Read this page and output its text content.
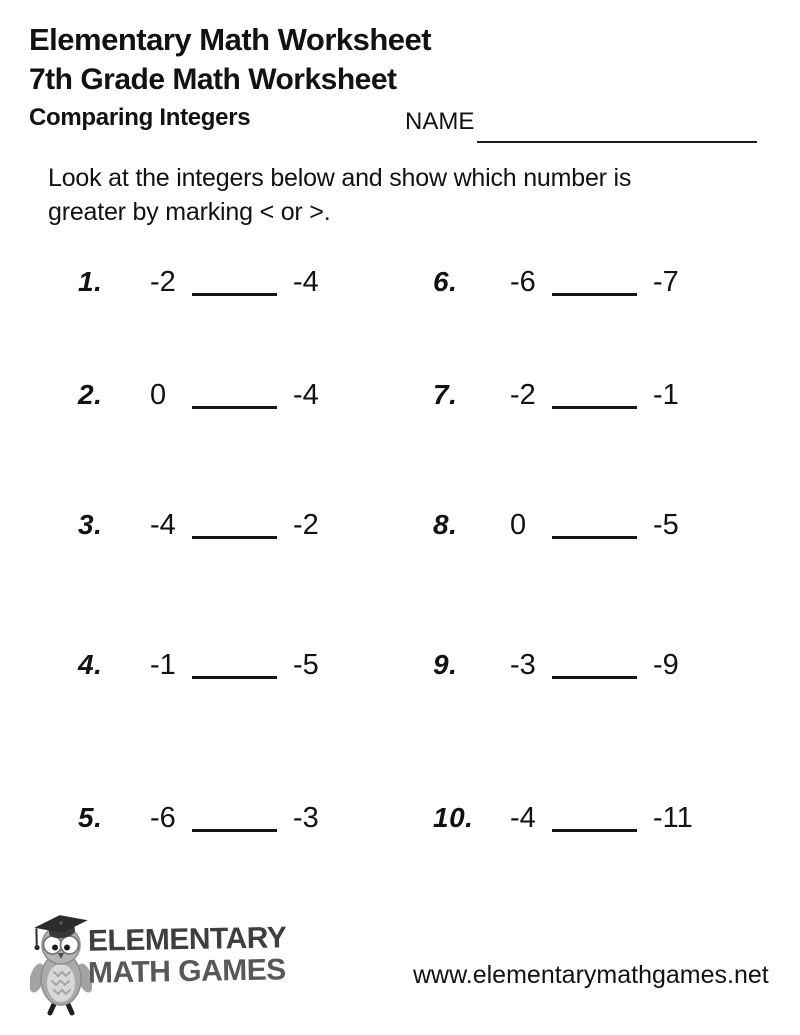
Elementary Math Worksheet
7th Grade Math Worksheet
Comparing Integers	NAME
Look at the integers below and show which number is
greater by marking < or >.
1. -2	-4
2. 0	-4
3. -4	-2
4. -1	-5
5. -6	-3
6. -6	-7
7. -2	-1
8. 0	-5
9. -3	-9
10. -4	-11
ELEMENTARY
MATH GAMES	www.elementarymathgames.net
